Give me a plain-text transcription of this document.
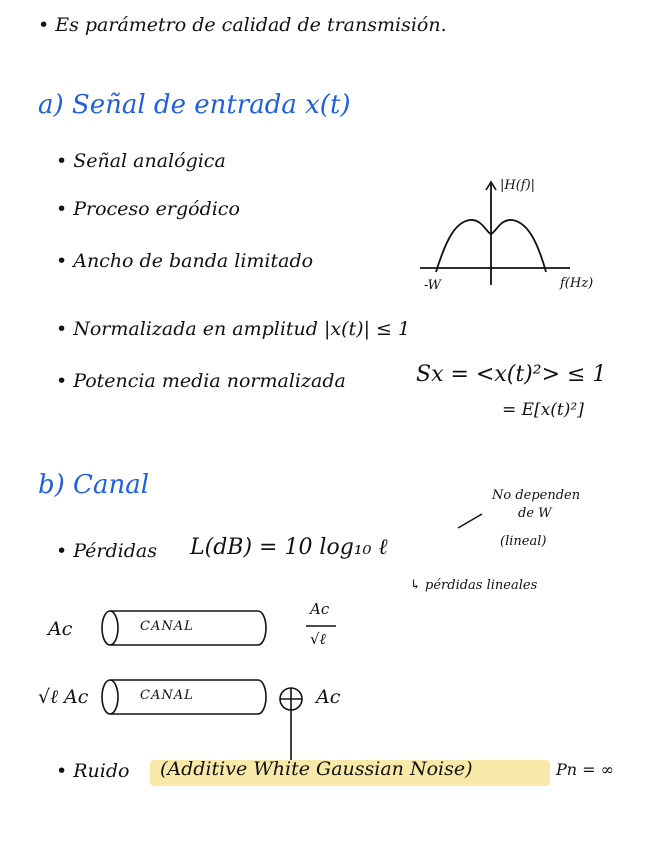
• Es parámetro de calidad de transmisión.
a) Señal de entrada x(t)
• Señal analógica
• Proceso ergódico
• Ancho de banda limitado
• Normalizada en amplitud |x(t)| ≤ 1
• Potencia media normalizada	Sx = <x(t)²> ≤ 1
= E[x(t)²]
|H(f)|
f(Hz)
-W
b) Canal	No dependen
de W
(lineal)
• Pérdidas L(dB) = 10 log₁₀ ℓ
↳ pérdidas lineales
Ac	CANAL
Ac
√ℓ
√ℓ Ac	CANAL	Ac
• Ruido (Additive White Gaussian Noise)	Pn = ∞
